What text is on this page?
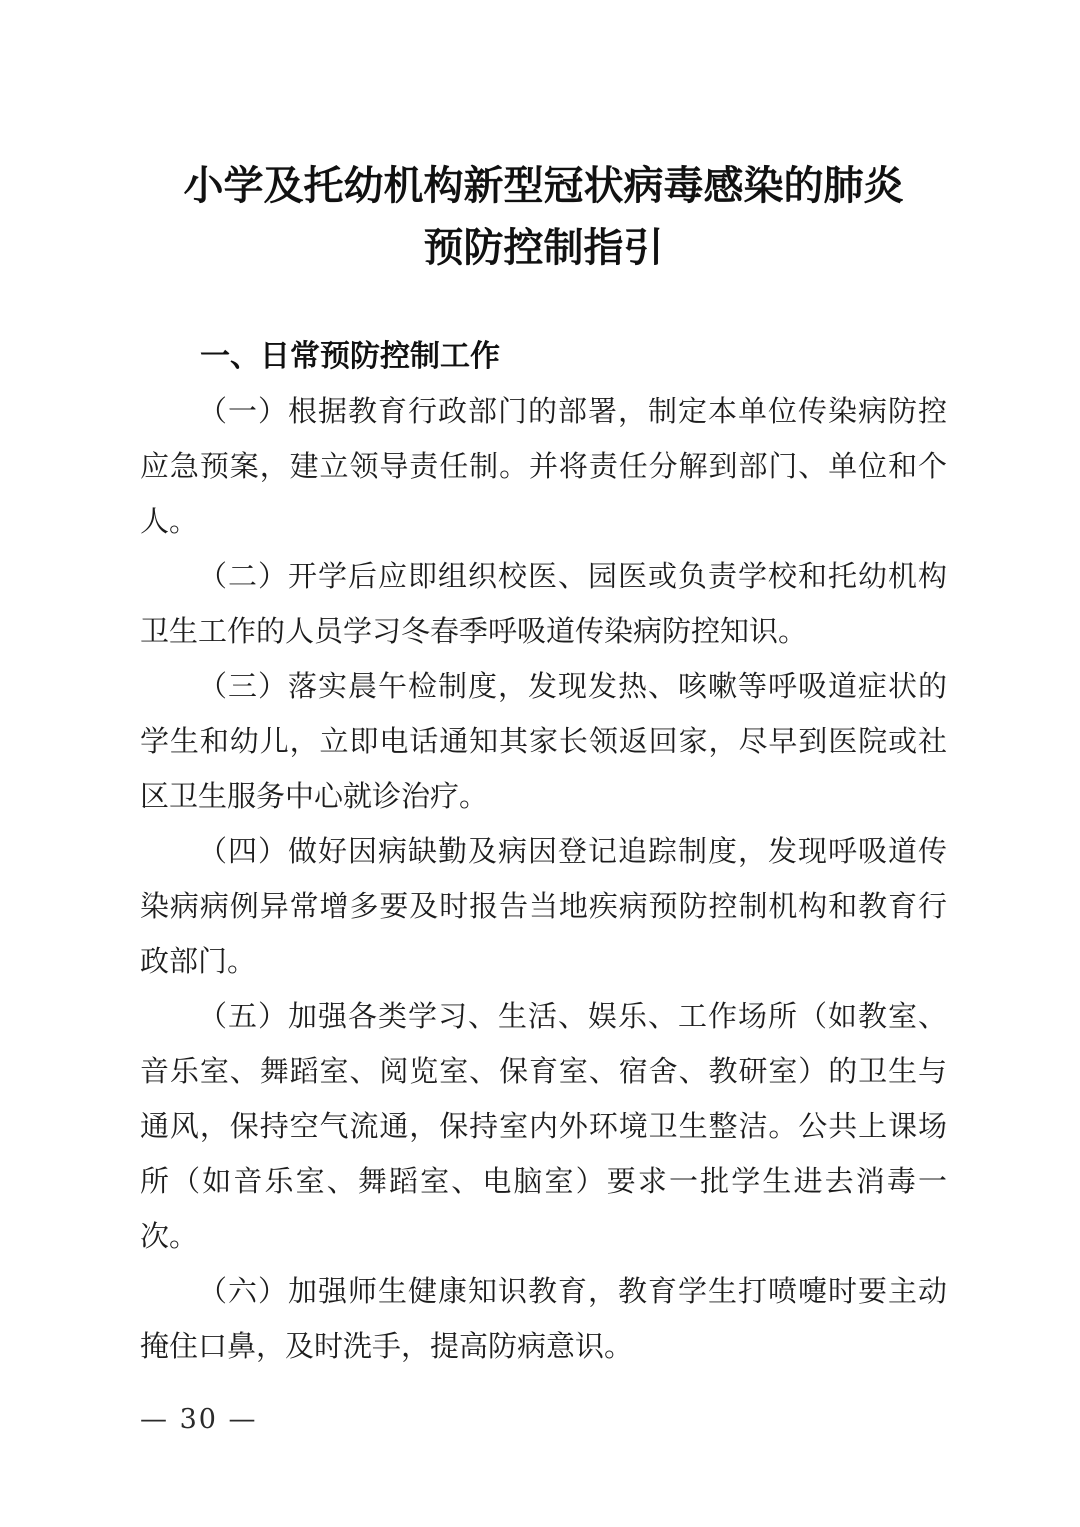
小学及托幼机构新型冠状病毒感染的肺炎
预防控制指引
一、日常预防控制工作

（一）根据教育行政部门的部署，制定本单位传染病防控应急预案，建立领导责任制。并将责任分解到部门、单位和个人。

（二）开学后应即组织校医、园医或负责学校和托幼机构卫生工作的人员学习冬春季呼吸道传染病防控知识。

（三）落实晨午检制度，发现发热、咳嗽等呼吸道症状的学生和幼儿，立即电话通知其家长领返回家，尽早到医院或社区卫生服务中心就诊治疗。

（四）做好因病缺勤及病因登记追踪制度，发现呼吸道传染病病例异常增多要及时报告当地疾病预防控制机构和教育行政部门。

（五）加强各类学习、生活、娱乐、工作场所（如教室、音乐室、舞蹈室、阅览室、保育室、宿舍、教研室）的卫生与通风，保持空气流通，保持室内外环境卫生整洁。公共上课场所（如音乐室、舞蹈室、电脑室）要求一批学生进去消毒一次。

（六）加强师生健康知识教育，教育学生打喷嚏时要主动掩住口鼻，及时洗手，提高防病意识。

— 30 —
